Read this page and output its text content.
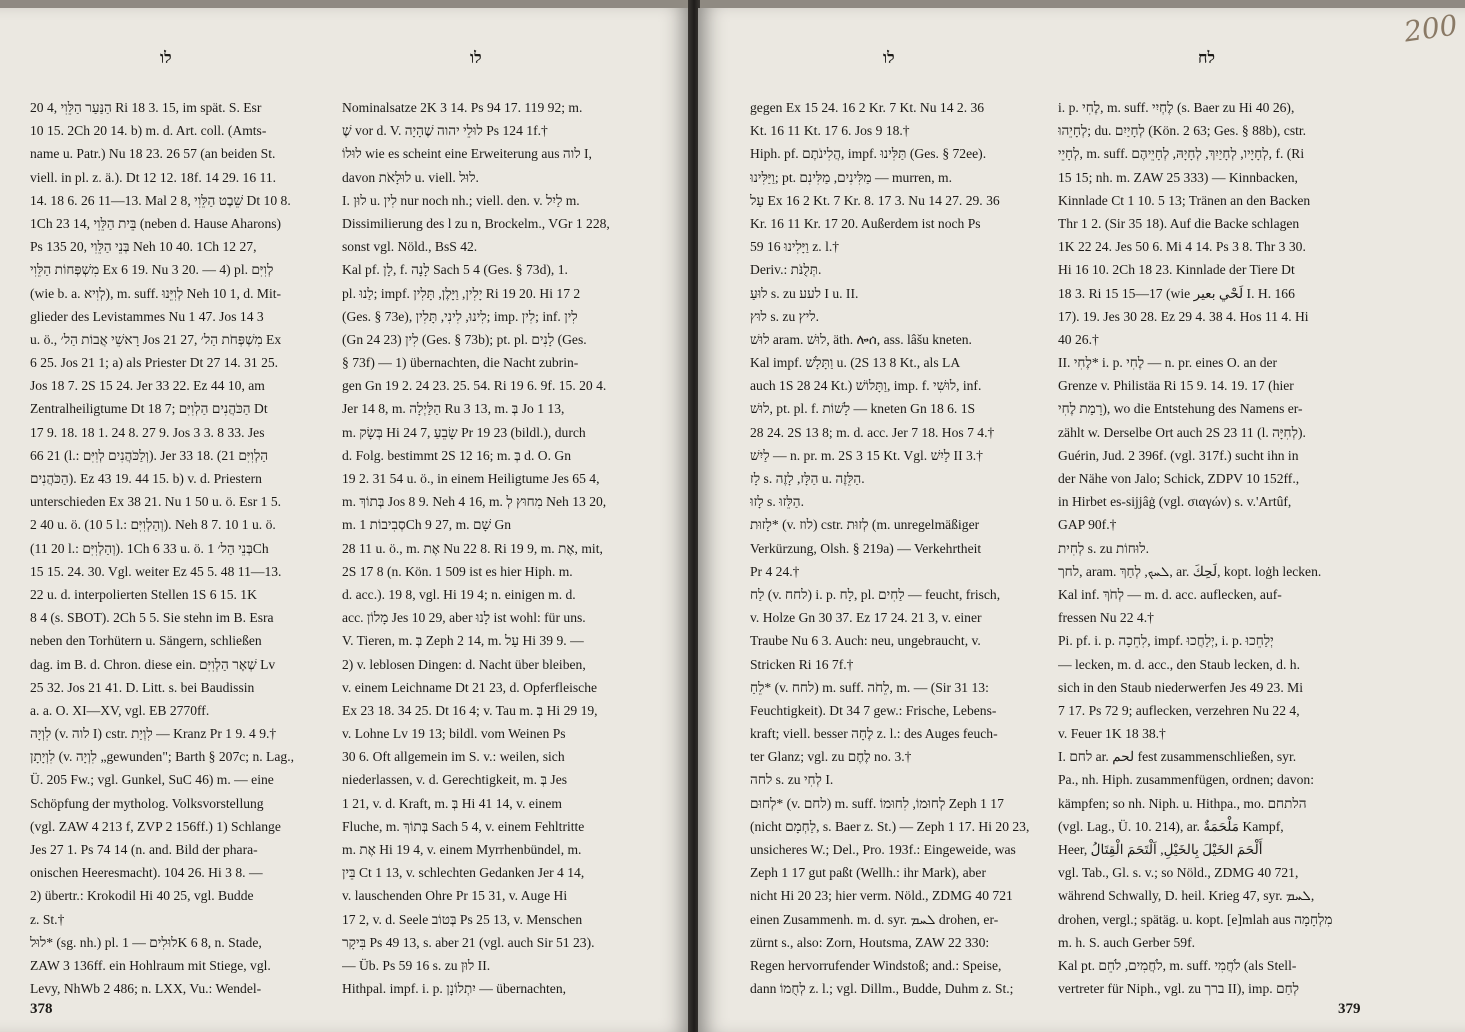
לו	לו
20 4, הַנַּעַר הַלֵּוִי Ri 18 3. 15, im spät. S. Esr
10 15. 2Ch 20 14. b) m. d. Art. coll. (Amts-
name u. Patr.) Nu 18 23. 26 57 (an beiden St.
viell. in pl. z. ä.). Dt 12 12. 18f. 14 29. 16 11.
14. 18 6. 26 11—13. Mal 2 8, שֵׁבֶט הַלֵּוִי Dt 10 8.
1Ch 23 14, בֵּית הַלֵּוִי (neben d. Hause Aharons)
Ps 135 20, בְּנֵי הַלֵּוִי Neh 10 40. 1Ch 12 27,
מִשְׁפְּחוֹת הַלֵּוִי Ex 6 19. Nu 3 20. — 4) pl. לְוִיִּם
(wie b. a. לְוִיא), m. suff. לְוִיֵּנוּ Neh 10 1, d. Mit-
glieder des Levistammes Nu 1 47. Jos 14 3
u. ö., רָאשֵׁי אֲבוֹת הַל׳ Jos 21 27, מִשְׁפְּחֹת הַל׳ Ex
6 25. Jos 21 1; a) als Priester Dt 27 14. 31 25.
Jos 18 7. 2S 15 24. Jer 33 22. Ez 44 10, am
Zentralheiligtume Dt 18 7; הַכֹּהֲנִים הַלְוִיִּם Dt
17 9. 18. 18 1. 24 8. 27 9. Jos 3 3. 8 33. Jes
66 21 (l.: וְלַכֹּהֲנִים לְוִיִּם). Jer 33 18. (21 הַלְוִיִּם
הַכֹּהֲנִים). Ez 43 19. 44 15. b) v. d. Priestern
unterschieden Ex 38 21. Nu 1 50 u. ö. Esr 1 5.
2 40 u. ö. (10 5 l.: וְהַלְוִיִּם). Neh 8 7. 10 1 u. ö.
(11 20 l.: וְהַלְוִיִּם). 1Ch 6 33 u. ö. בְּנֵי הַל׳ 1Ch
15 15. 24. 30. Vgl. weiter Ez 45 5. 48 11—13.
22 u. d. interpolierten Stellen 1S 6 15. 1K
8 4 (s. SBOT). 2Ch 5 5. Sie stehn im B. Esra
neben den Torhütern u. Sängern, schließen
dag. im B. d. Chron. diese ein. שְׁאָר הַלְוִיִּם Lv
25 32. Jos 21 41. D. Litt. s. bei Baudissin
a. a. O. XI—XV, vgl. EB 2770ff.
לִוְיָה (v. לוה I) cstr. לִוְיַת — Kranz Pr 1 9. 4 9.†
לִוְיָתָן (v. לִוְיָה „gewunden"; Barth § 207c; n. Lag.,
Ü. 205 Fw.; vgl. Gunkel, SuC 46) m. — eine
Schöpfung der mytholog. Volksvorstellung
(vgl. ZAW 4 213 f, ZVP 2 156ff.) 1) Schlange
Jes 27 1. Ps 74 14 (n. and. Bild der phara-
onischen Heeresmacht). 104 26. Hi 3 8. —
2) übertr.: Krokodil Hi 40 25, vgl. Budde
z. St.†
לוּל* (sg. nh.) pl. לוּלִים — 1K 6 8, n. Stade,
ZAW 3 136ff. ein Hohlraum mit Stiege, vgl.
Levy, NhWb 2 486; n. LXX, Vu.: Wendel-
Nominalsatze 2K 3 14. Ps 94 17. 119 92; m.
שֶׁ vor d. V. לוּלֵי יהוה שֶׁהָיָה Ps 124 1f.†
לוּלוֹ wie es scheint eine Erweiterung aus לוה I,
davon לוּלָאֹת u. viell. לוּל.
I. לוּן u. לִין nur noch nh.; viell. den. v. לַיִל m.
Dissimilierung des l zu n, Brockelm., VGr 1 228,
sonst vgl. Nöld., BsS 42.
Kal pf. לָן, f. לָנָה Sach 5 4 (Ges. § 73d), 1.
pl. לַנוּ; impf. יָלִין, וַיָּלֶן, תָּלִין Ri 19 20. Hi 17 2
(Ges. § 73e), לִינוּ, לִינִי, תָּלִין; imp. לִין; inf. לִין
(Gn 24 23) לִין (Ges. § 73b); pt. pl. לָנִים (Ges.
§ 73f) — 1) übernachten, die Nacht zubrin-
gen Gn 19 2. 24 23. 25. 54. Ri 19 6. 9f. 15. 20 4.
Jer 14 8, m. הַלַּיְלָה Ru 3 13, m. בְּ Jo 1 13,
m. בְּשָׂק Hi 24 7, שָׂבֵעַ Pr 19 23 (bildl.), durch
d. Folg. bestimmt 2S 12 16; m. בְּ d. O. Gn
19 2. 31 54 u. ö., in einem Heiligtume Jes 65 4,
m. בְּתוֹךְ Jos 8 9. Neh 4 16, m. מִחוּץ לְ Neh 13 20,
m. סְבִיבוֹת 1Ch 9 27, m. שָׁם Gn
28 11 u. ö., m. אֶת Nu 22 8. Ri 19 9, m. אֶת, mit,
2S 17 8 (n. Kön. 1 509 ist es hier Hiph. m.
d. acc.). 19 8, vgl. Hi 19 4; n. einigen m. d.
acc. מָלוֹן Jes 10 29, aber לָנוּ ist wohl: für uns.
V. Tieren, m. בְּ Zeph 2 14, m. עַל Hi 39 9. —
2) v. leblosen Dingen: d. Nacht über bleiben,
v. einem Leichname Dt 21 23, d. Opferfleische
Ex 23 18. 34 25. Dt 16 4; v. Tau m. בְּ Hi 29 19,
v. Lohne Lv 19 13; bildl. vom Weinen Ps
30 6. Oft allgemein im S. v.: weilen, sich
niederlassen, v. d. Gerechtigkeit, m. בְּ Jes
1 21, v. d. Kraft, m. בְּ Hi 41 14, v. einem
Fluche, m. בְּתוֹךְ Sach 5 4, v. einem Fehltritte
m. אֶת Hi 19 4, v. einem Myrrhenbündel, m.
בֵּין Ct 1 13, v. schlechten Gedanken Jer 4 14,
v. lauschenden Ohre Pr 15 31, v. Auge Hi
17 2, v. d. Seele בְּטוֹב Ps 25 13, v. Menschen
בִּיקָר Ps 49 13, s. aber 21 (vgl. auch Sir 51 23).
— Üb. Ps 59 16 s. zu לוּן II.
Hithpal. impf. i. p. יִתְלוֹנָן — übernachten,
378
200
לו	לח
gegen Ex 15 24. 16 2 Kr. 7 Kt. Nu 14 2. 36
Kt. 16 11 Kt. 17 6. Jos 9 18.†
Hiph. pf. הֲלִינֹתֶם, impf. תַּלִּינוּ (Ges. § 72ee).
וַיַּלִּינוּ; pt. מַלִּינִים, מַלִּינִם — murren, m.
עַל Ex 16 2 Kt. 7 Kr. 8. 17 3. Nu 14 27. 29. 36
Kr. 16 11 Kr. 17 20. Außerdem ist noch Ps
59 16 וַיָּלִינוּ z. l.†
Deriv.: תְּלֻנֹּת.
לוּעַ s. zu לעע I u. II.
לוּץ s. zu ליץ.
לוּשׁ aram. לוּשׁ, äth. ሎሰ, ass. lâšu kneten.
Kal impf. וַתָּלָשׁ u. (2S 13 8 Kt., als LA
auch 1S 28 24 Kt.) וַתָּלוֹשׁ, imp. f. לוּשִׁי, inf.
לוּשׁ, pt. pl. f. לָשׁוֹת — kneten Gn 18 6. 1S
28 24. 2S 13 8; m. d. acc. Jer 7 18. Hos 7 4.†
לַיִשׁ — n. pr. m. 2S 3 15 Kt. Vgl. לַיִשׁ II 3.†
לָז s. הַלָּז, לָזֶה u. הַלֵּזֶה.
לָזוּ s. הַלֵּזוּ.
לָזוּת* (v. לוז) cstr. לְזוּת (m. unregelmäßiger
Verkürzung, Olsh. § 219a) — Verkehrtheit
Pr 4 24.†
לַח (v. לחח) i. p. לָח, pl. לַחִים — feucht, frisch,
v. Holze Gn 30 37. Ez 17 24. 21 3, v. einer
Traube Nu 6 3. Auch: neu, ungebraucht, v.
Stricken Ri 16 7f.†
לֵחַ* (v. לחח) m. suff. לֵחֹה, m. — (Sir 31 13:
Feuchtigkeit). Dt 34 7 gew.: Frische, Lebens-
kraft; viell. besser לֶחָה z. l.: des Auges feuch-
ter Glanz; vgl. zu לֶחֶם no. 3.†
לחה s. zu לְחִי I.
לְחוּם* (v. לחם) m. suff. לְחוּמוֹ, לִחוּמוֹ Zeph 1 17
(nicht לַחְמָם, s. Baer z. St.) — Zeph 1 17. Hi 20 23,
unsicheres W.; Del., Pro. 193f.: Eingeweide, was
Zeph 1 17 gut paßt (Wellh.: ihr Mark), aber
nicht Hi 20 23; hier verm. Nöld., ZDMG 40 721
einen Zusammenh. m. d. syr. ܠܚܡ drohen, er-
zürnt s., also: Zorn, Houtsma, ZAW 22 330:
Regen hervorrufender Windstoß; and.: Speise,
dann לְחֻמוֹ z. l.; vgl. Dillm., Budde, Duhm z. St.;
i. p. לֶחִי, m. suff. לֶחְיִי (s. Baer zu Hi 40 26),
לְחָיֵהוּ; du. לְחָיַיִם (Kön. 2 63; Ges. § 88b), cstr.
לְחָיֵי, m. suff. לְחָיָיו, לְחָיַיִךְ, לְחָיָהּ, לְחָיֵיהֶם, f. (Ri
15 15; nh. m. ZAW 25 333) — Kinnbacken,
Kinnlade Ct 1 10. 5 13; Tränen an den Backen
Thr 1 2. (Sir 35 18). Auf die Backe schlagen
1K 22 24. Jes 50 6. Mi 4 14. Ps 3 8. Thr 3 30.
Hi 16 10. 2Ch 18 23. Kinnlade der Tiere Dt
18 3. Ri 15 15—17 (wie لَحْي بعير I. H. 166
17). 19. Jes 30 28. Ez 29 4. 38 4. Hos 11 4. Hi
40 26.†
II. לֶחִי* i. p. לֶחִי — n. pr. eines O. an der
Grenze v. Philistäa Ri 15 9. 14. 19. 17 (hier
רָמַת לֶחִי), wo die Entstehung des Namens er-
zählt w. Derselbe Ort auch 2S 23 11 (l. לְחִיָּה).
Guérin, Jud. 2 396f. (vgl. 317f.) sucht ihn in
der Nähe von Jalo; Schick, ZDPV 10 152ff.,
in Hirbet es-sijjâġ (vgl. σιαγών) s. v.'Artûf,
GAP 90f.†
לְחִית s. zu לוּחוֹת.
לחך, aram. ܠܚܟ, לְחַךְ, ar. لَحِكَ, kopt. loġh lecken.
Kal inf. לְחֹךְ — m. d. acc. auflecken, auf-
fressen Nu 22 4.†
Pi. pf. i. p. לִחֵכָה, impf. יְלַחֲכוּ, i. p. יְלַחֵכוּ
— lecken, m. d. acc., den Staub lecken, d. h.
sich in den Staub niederwerfen Jes 49 23. Mi
7 17. Ps 72 9; auflecken, verzehren Nu 22 4,
v. Feuer 1K 18 38.†
I. לחם ar. لحم fest zusammenschließen, syr.
Pa., nh. Hiph. zusammenfügen, ordnen; davon:
kämpfen; so nh. Niph. u. Hithpa., mo. הלתחם
(vgl. Lag., Ü. 10. 214), ar. مَلْحَمَةٌ Kampf,
Heer, أَلْحَمَ الخَيْلَ بِالخَيْلِ, اَلْتَحَمَ الْقِتَالُ
vgl. Tab., Gl. s. v.; so Nöld., ZDMG 40 721,
während Schwally, D. heil. Krieg 47, syr. ܠܚܡ,
drohen, vergl.; spätäg. u. kopt. [e]mlah aus מִלְחָמָה
m. h. S. auch Gerber 59f.
Kal pt. לֹחֲמִים, לֹחֵם, m. suff. לֹחֲמִי (als Stell-
vertreter für Niph., vgl. zu ברך II), imp. לְחַם
379
